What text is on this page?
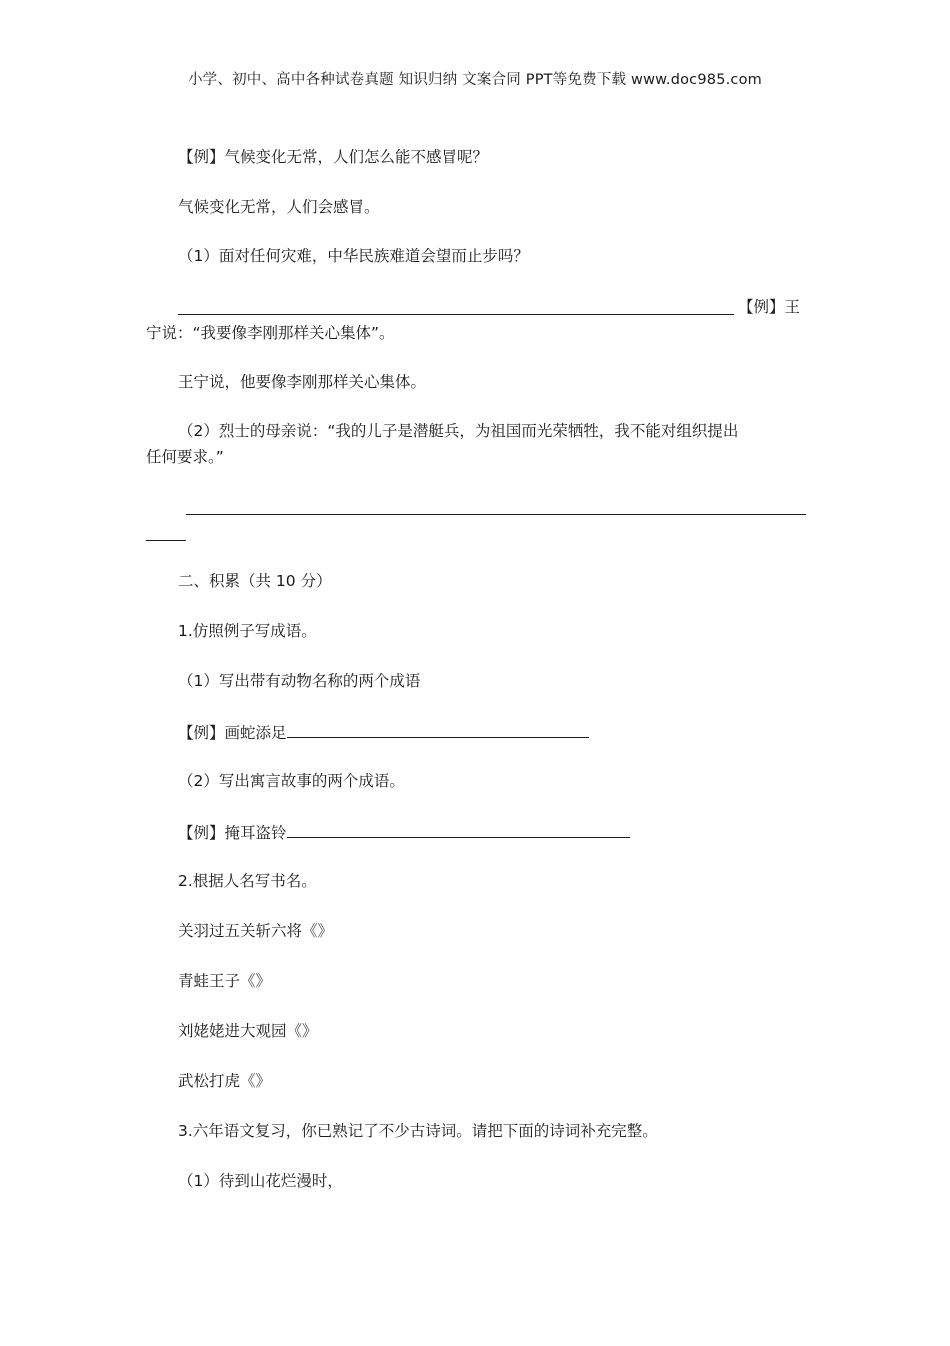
小学、初中、高中各种试卷真题 知识归纳 文案合同 PPT等免费下载 www.doc985.com
【例】气候变化无常，人们怎么能不感冒呢？
气候变化无常，人们会感冒。
（1）面对任何灾难，中华民族难道会望而止步吗？
【例】王
宁说：“我要像李刚那样关心集体”。
王宁说，他要像李刚那样关心集体。
（2）烈士的母亲说：“我的儿子是潜艇兵，为祖国而光荣牺牲，我不能对组织提出
任何要求。”
二、积累（共 10 分）
1.仿照例子写成语。
（1）写出带有动物名称的两个成语
【例】画蛇添足
（2）写出寓言故事的两个成语。
【例】掩耳盗铃
2.根据人名写书名。
关羽过五关斩六将《》
青蛙王子《》
刘姥姥进大观园《》
武松打虎《》
3.六年语文复习，你已熟记了不少古诗词。请把下面的诗词补充完整。
（1）待到山花烂漫时，
